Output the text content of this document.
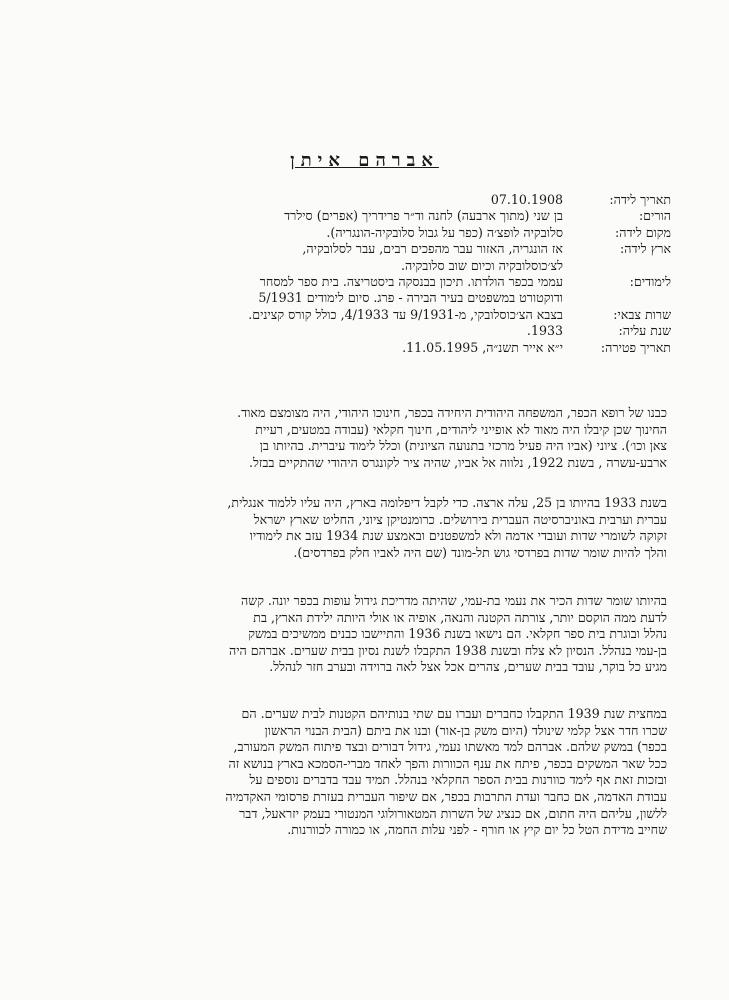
אברהם איתן
תאריך לידה:
07.10.1908
הורים:
בן שני (מתוך ארבעה) לחנה וד״ר פרידריך (אפרים) סילרד
מקום לידה:
סלובקיה לופצ׳ה (כפר על גבול סלובקיה-הונגריה).
ארץ לידה:
אז הונגריה, האזור עבר מהפכים רבים, עבר לסלובקיה,
לצ׳כוסלובקיה וכיום שוב סלובקיה.
לימודים:
עממי בכפר הולדתו. תיכון בבנסקה ביסטריצה. בית ספר למסחר
ודוקטורט במשפטים בעיר הבירה - פרג. סיום לימודים 5/1931
שרות צבאי:
בצבא הצ׳כוסלובקי, מ-9/1931 עד 4/1933, כולל קורס קצינים.
שנת עליה:
1933.
תאריך פטירה:
י״א אייר תשנ״ה, 11.05.1995.
כבנו של רופא הכפר, המשפחה היהודית היחידה בכפר, חינוכו היהודי, היה מצומצם מאוד.
החינוך שכן קיבלו היה מאוד לא אופייני ליהודים, חינוך חקלאי (עבודה במטעים, רעיית
צאן וכו׳). ציוני (אביו היה פעיל מרכזי בתנועה הציונית) וכלל לימוד עיברית. בהיותו בן
ארבע-עשרה , בשנת 1922, נלווה אל אביו, שהיה ציר לקונגרס היהודי שהתקיים בבזל.
בשנת 1933 בהיותו בן 25, עלה ארצה. כדי לקבל דיפלומה בארץ, היה עליו ללמוד אנגלית,
עברית וערבית באוניברסיטה העברית בירושלים. כרומנטיקן ציוני, החליט שארץ ישראל
זקוקה לשומרי שדות ועובדי אדמה ולא למשפטנים ובאמצע שנת 1934 עזב את לימודיו
והלך להיות שומר שדות בפרדסי גוש תל-מונד (שם היה לאביו חלק בפרדסים).
בהיותו שומר שדות הכיר את נעמי בת-עמי, שהיתה מדריכת גידול עופות בכפר יונה. קשה
לדעת ממה הוקסם יותר, צורתה הקטנה והנאה, אופיה או אולי היותה ילידת הארץ, בת
נהלל ובוגרת בית ספר חקלאי. הם נישאו בשנת 1936 והתיישבו כבנים ממשיכים במשק
בן-עמי בנהלל. הנסיון לא צלח ובשנת 1938 התקבלו לשנת נסיון בבית שערים. אברהם היה
מגיע כל בוקר, עובד בבית שערים, צהרים אכל אצל לאה ברוידה ובערב חזר לנהלל.
במחצית שנת 1939 התקבלו כחברים ועברו עם שתי בנותיהם הקטנות לבית שערים. הם
שכרו חדר אצל קלמי שינולד (היום משק בן-אור) ובנו את ביתם (הבית הבנוי הראשון
בכפר) במשק שלהם. אברהם למד מאשתו נעמי, גידול דבורים ובצד פיתוח המשק המעורב,
ככל שאר המשקים בכפר, פיתח את ענף הכוורות והפך לאחד מברי-הסמכא בארץ בנושא זה
ובזכות זאת אף לימד כוורנות בבית הספר החקלאי בנהלל. תמיד עבד בדברים נוספים על
עבודת האדמה, אם כחבר ועדת התרבות בכפר, אם שיפור העברית בעזרת פרסומי האקדמיה
ללשון, עליהם היה חתום, אם כנציג של השרות המטאורולוגי המנטורי בעמק יזראעל, דבר
שחייב מדידת הטל כל יום קיץ או חורף - לפני עלות החמה, או כמורה לכוורנות.
